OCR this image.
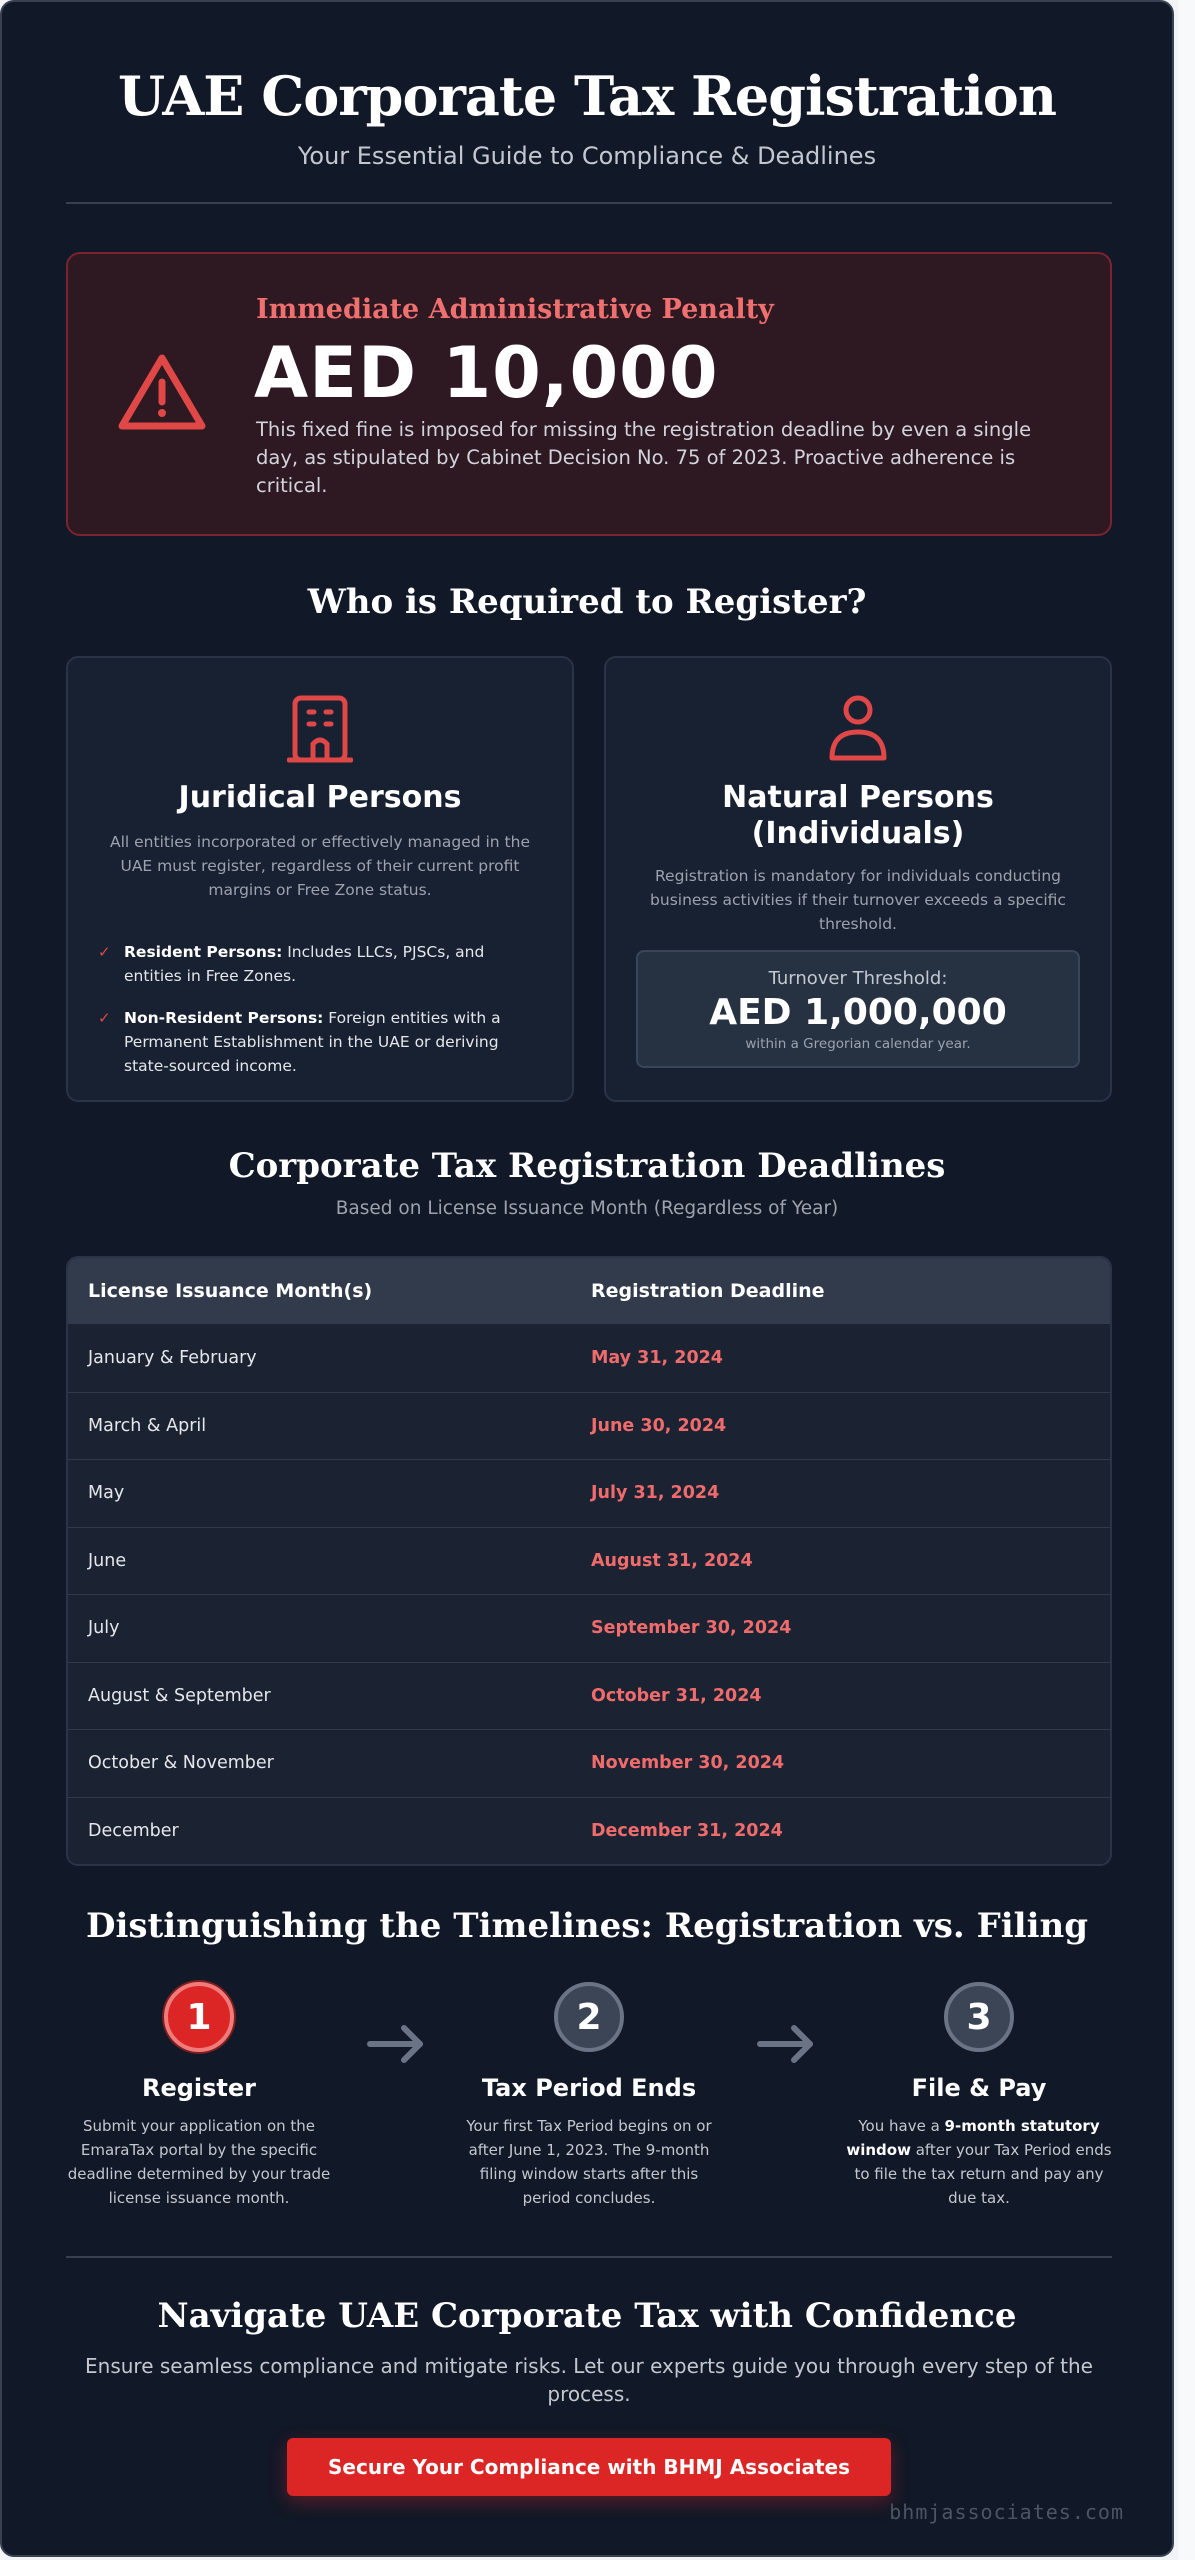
UAE Corporate Tax Registration
Your Essential Guide to Compliance & Deadlines
Immediate Administrative Penalty
AED 10,000
This fixed fine is imposed for missing the registration deadline by even a single day, as stipulated by Cabinet Decision No. 75 of 2023. Proactive adherence is critical.
Who is Required to Register?
Juridical Persons
All entities incorporated or effectively managed in the UAE must register, regardless of their current profit margins or Free Zone status.
✓ Resident Persons: Includes LLCs, PJSCs, and entities in Free Zones.
✓ Non-Resident Persons: Foreign entities with a Permanent Establishment in the UAE or deriving state-sourced income.
Natural Persons (Individuals)
Registration is mandatory for individuals conducting business activities if their turnover exceeds a specific threshold.
Turnover Threshold:
AED 1,000,000
within a Gregorian calendar year.
Corporate Tax Registration Deadlines
Based on License Issuance Month (Regardless of Year)
License Issuance Month(s)	Registration Deadline
January & February	May 31, 2024
March & April	June 30, 2024
May	July 31, 2024
June	August 31, 2024
July	September 30, 2024
August & September	October 31, 2024
October & November	November 30, 2024
December	December 31, 2024
Distinguishing the Timelines: Registration vs. Filing
1
Register
Submit your application on the EmaraTax portal by the specific deadline determined by your trade license issuance month.
2
Tax Period Ends
Your first Tax Period begins on or after June 1, 2023. The 9-month filing window starts after this period concludes.
3
File & Pay
You have a 9-month statutory window after your Tax Period ends to file the tax return and pay any due tax.
Navigate UAE Corporate Tax with Confidence
Ensure seamless compliance and mitigate risks. Let our experts guide you through every step of the process.
Secure Your Compliance with BHMJ Associates
bhmjassociates.com
